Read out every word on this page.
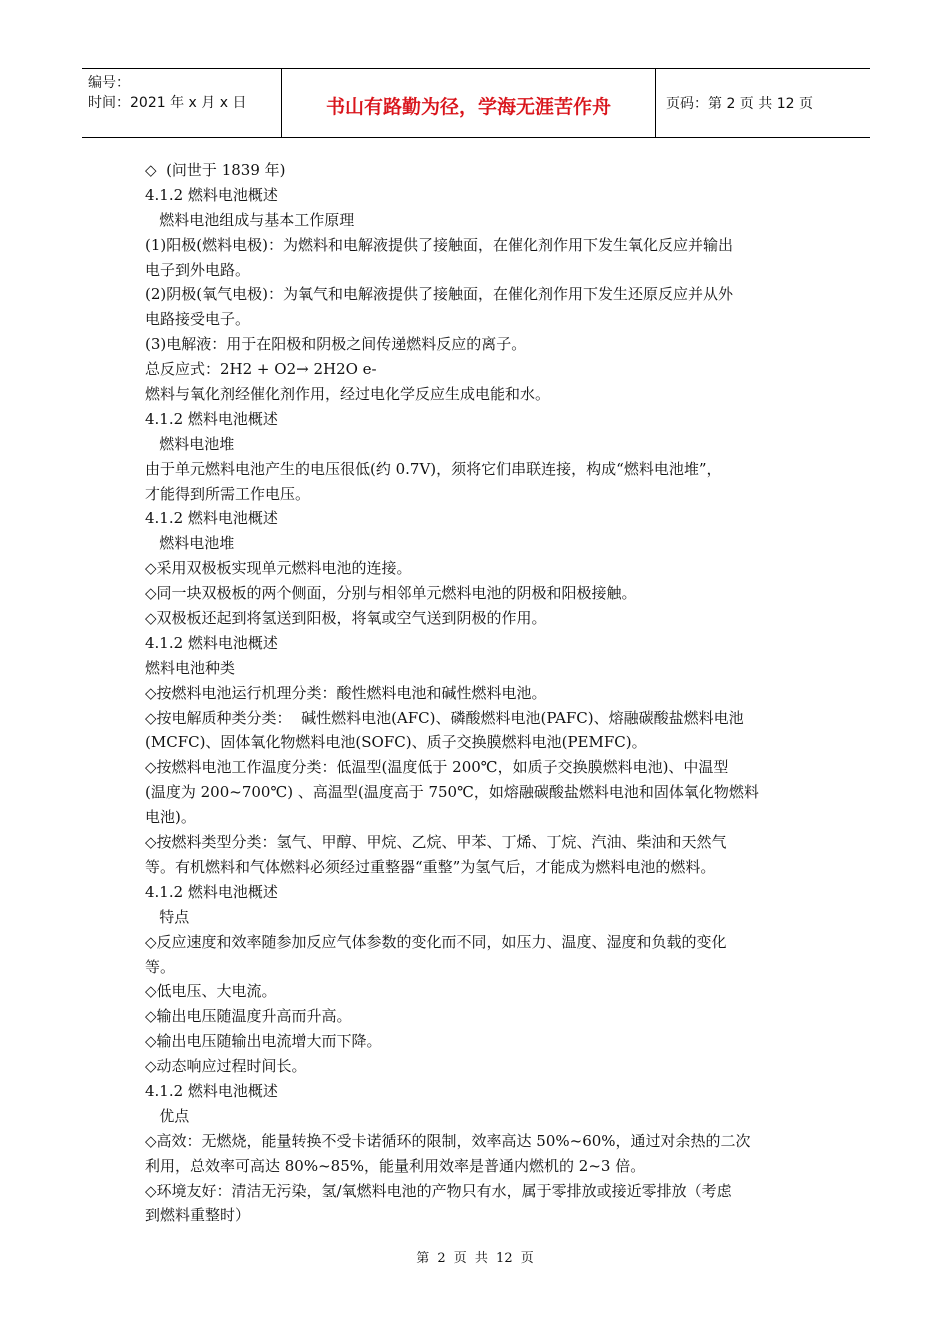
编号：
时间：2021 年 x 月 x 日	书山有路勤为径，学海无涯苦作舟	页码：第 2 页 共 12 页
◇  (问世于 1839 年)
4.1.2 燃料电池概述
燃料电池组成与基本工作原理
(1)阳极(燃料电极)：为燃料和电解液提供了接触面，在催化剂作用下发生氧化反应并输出
电子到外电路。
(2)阴极(氧气电极)：为氧气和电解液提供了接触面，在催化剂作用下发生还原反应并从外
电路接受电子。
(3)电解液：用于在阳极和阴极之间传递燃料反应的离子。
总反应式：2H2 + O2→ 2H2O e-
燃料与氧化剂经催化剂作用，经过电化学反应生成电能和水。
4.1.2 燃料电池概述
燃料电池堆
由于单元燃料电池产生的电压很低(约 0.7V)，须将它们串联连接，构成“燃料电池堆”，
才能得到所需工作电压。
4.1.2 燃料电池概述
燃料电池堆
◇采用双极板实现单元燃料电池的连接。
◇同一块双极板的两个侧面，分别与相邻单元燃料电池的阴极和阳极接触。
◇双极板还起到将氢送到阳极，将氧或空气送到阴极的作用。
4.1.2 燃料电池概述
燃料电池种类
◇按燃料电池运行机理分类：酸性燃料电池和碱性燃料电池。
◇按电解质种类分类：  碱性燃料电池(AFC)、磷酸燃料电池(PAFC)、熔融碳酸盐燃料电池
(MCFC)、固体氧化物燃料电池(SOFC)、质子交换膜燃料电池(PEMFC)。
◇按燃料电池工作温度分类：低温型(温度低于 200℃，如质子交换膜燃料电池)、中温型
(温度为 200~700℃) 、高温型(温度高于 750℃，如熔融碳酸盐燃料电池和固体氧化物燃料
电池)。
◇按燃料类型分类：氢气、甲醇、甲烷、乙烷、甲苯、丁烯、丁烷、汽油、柴油和天然气
等。有机燃料和气体燃料必须经过重整器“重整”为氢气后，才能成为燃料电池的燃料。
4.1.2 燃料电池概述
特点
◇反应速度和效率随参加反应气体参数的变化而不同，如压力、温度、湿度和负载的变化
等。
◇低电压、大电流。
◇输出电压随温度升高而升高。
◇输出电压随输出电流增大而下降。
◇动态响应过程时间长。
4.1.2 燃料电池概述
优点
◇高效：无燃烧，能量转换不受卡诺循环的限制，效率高达 50%~60%，通过对余热的二次
利用，总效率可高达 80%~85%，能量利用效率是普通内燃机的 2~3 倍。
◇环境友好：清洁无污染，氢/氧燃料电池的产物只有水，属于零排放或接近零排放（考虑
到燃料重整时）
第 2 页 共 12 页
